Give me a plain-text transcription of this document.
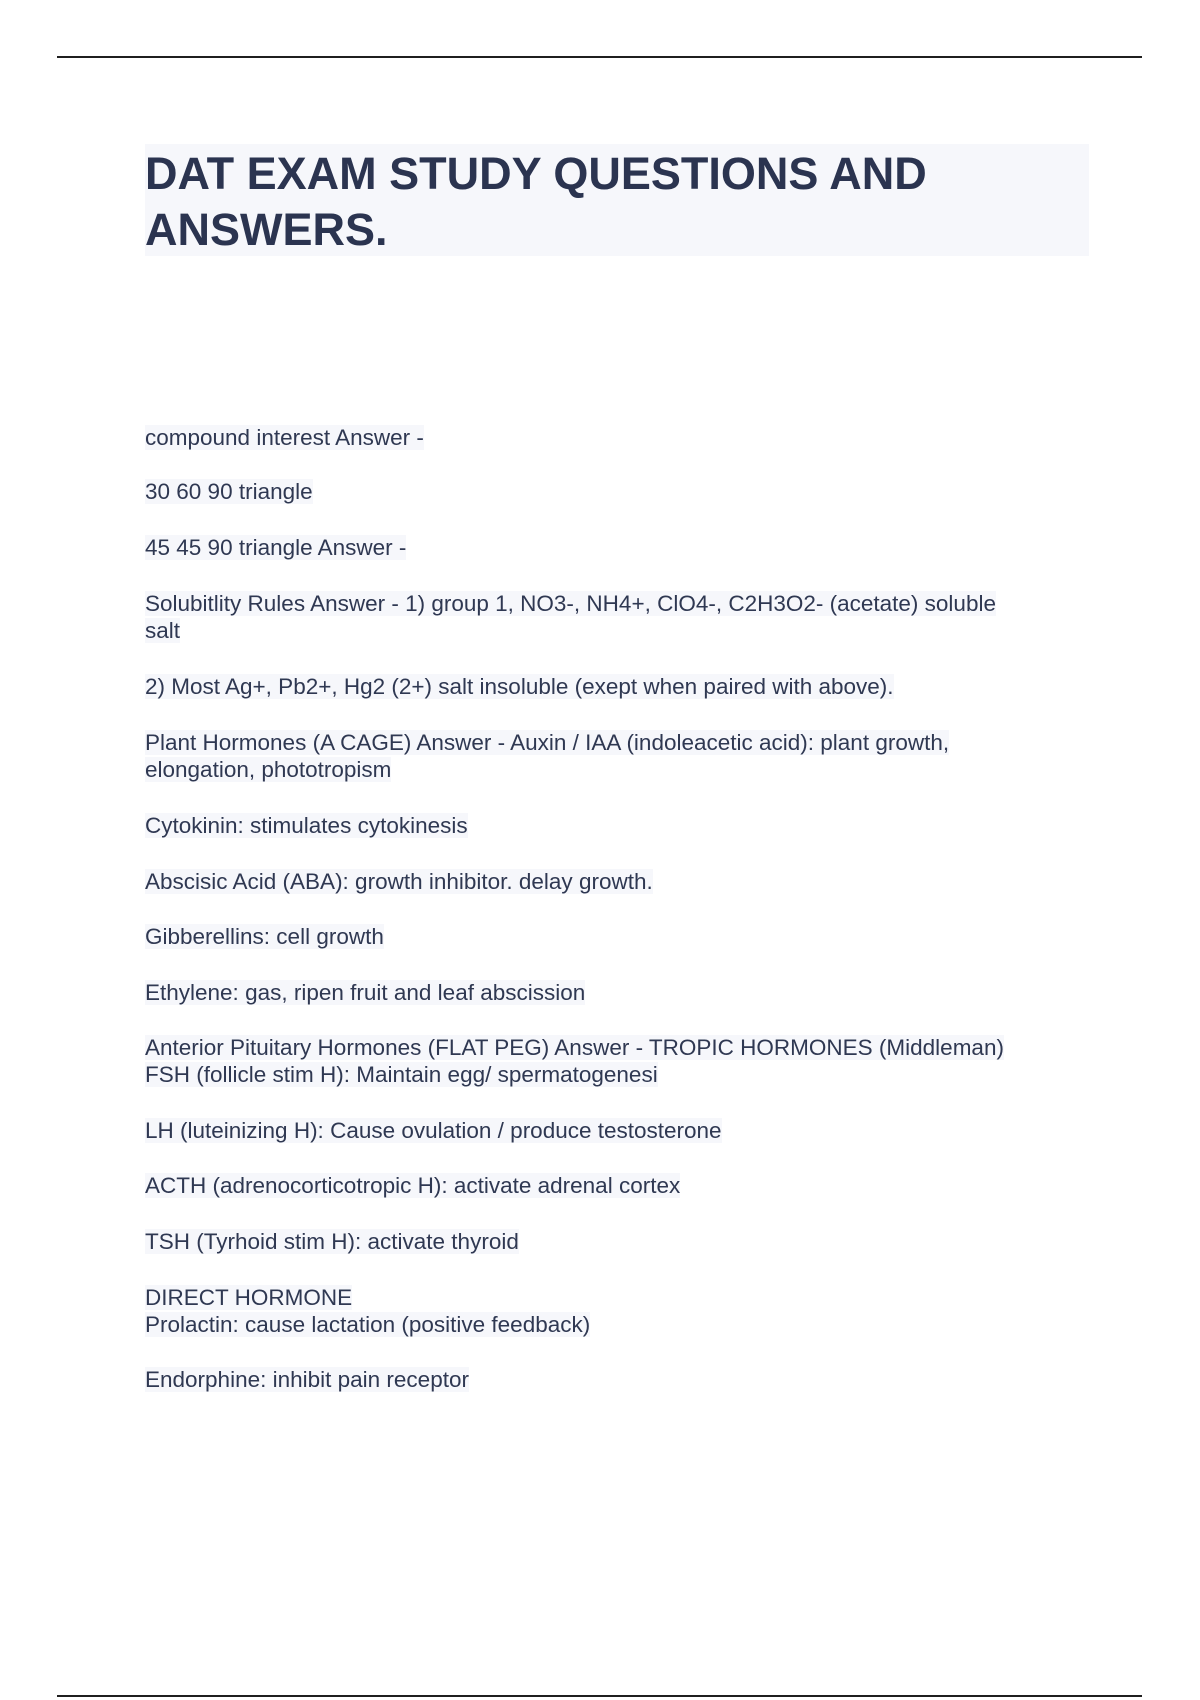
DAT EXAM STUDY QUESTIONS AND ANSWERS.

compound interest Answer -

30 60 90 triangle

45 45 90 triangle Answer -

Solubitlity Rules Answer - 1) group 1, NO3-, NH4+, ClO4-, C2H3O2- (acetate) soluble
salt

2) Most Ag+, Pb2+, Hg2 (2+) salt insoluble (exept when paired with above).

Plant Hormones (A CAGE) Answer - Auxin / IAA (indoleacetic acid): plant growth,
elongation, phototropism

Cytokinin: stimulates cytokinesis

Abscisic Acid (ABA): growth inhibitor. delay growth.

Gibberellins: cell growth

Ethylene: gas, ripen fruit and leaf abscission

Anterior Pituitary Hormones (FLAT PEG) Answer - TROPIC HORMONES (Middleman)
FSH (follicle stim H): Maintain egg/ spermatogenesi

LH (luteinizing H): Cause ovulation / produce testosterone

ACTH (adrenocorticotropic H): activate adrenal cortex

TSH (Tyrhoid stim H): activate thyroid

DIRECT HORMONE
Prolactin: cause lactation (positive feedback)

Endorphine: inhibit pain receptor
